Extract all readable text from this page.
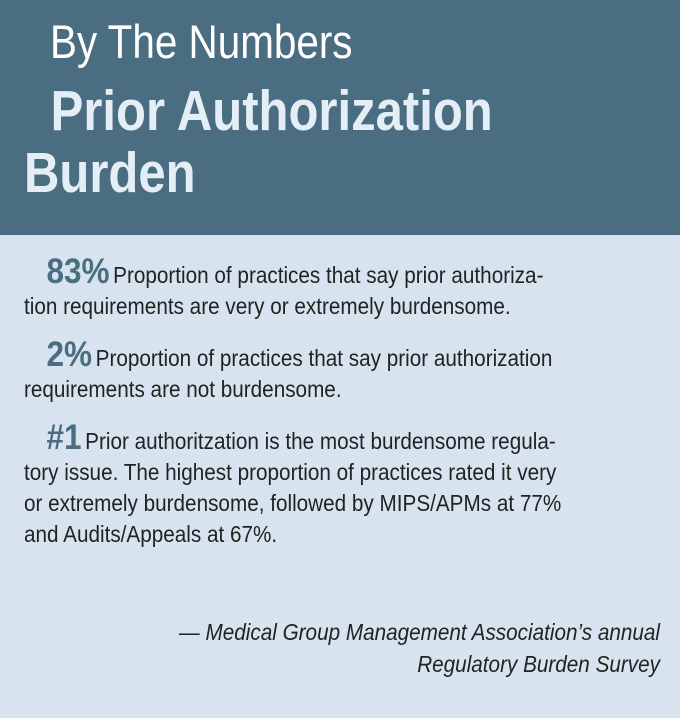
By The Numbers
Prior Authorization
Burden
83% Proportion of practices that say prior authoriza-
tion requirements are very or extremely burdensome.
2% Proportion of practices that say prior authorization
requirements are not burdensome.
#1 Prior authoritzation is the most burdensome regula-
tory issue. The highest proportion of practices rated it very
or extremely burdensome, followed by MIPS/APMs at 77%
and Audits/Appeals at 67%.
— Medical Group Management Association’s annual
Regulatory Burden Survey
